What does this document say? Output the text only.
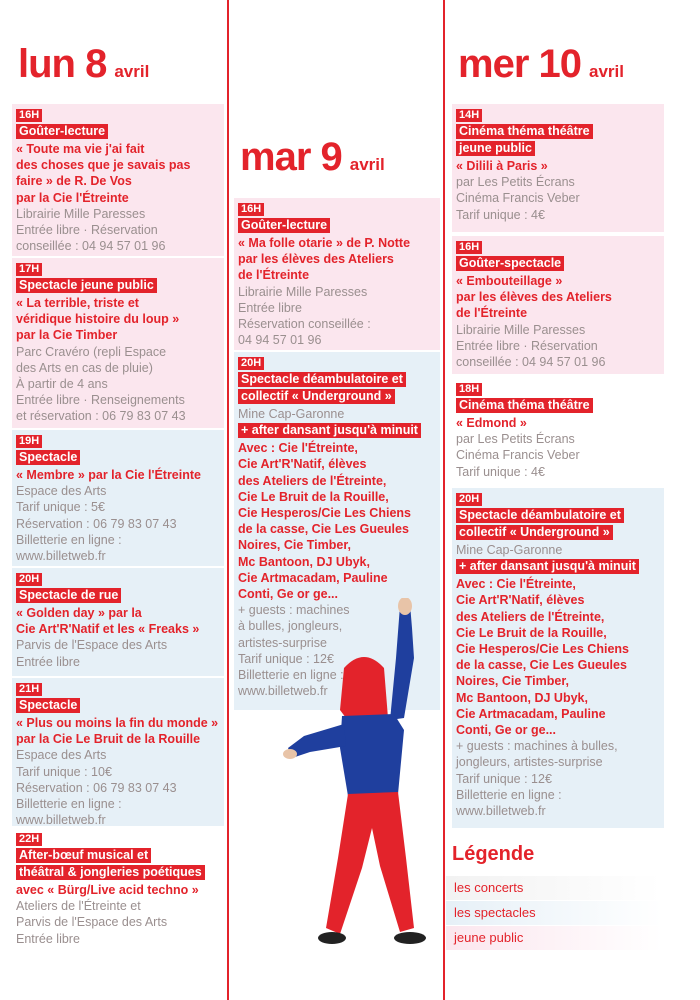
lun 8 avril
mar 9 avril
mer 10 avril
16H
Goûter-lecture
« Toute ma vie j'ai fait
des choses que je savais pas
faire » de R. De Vos
par la Cie l'Étreinte
Librairie Mille Paresses
Entrée libre · Réservation
conseillée : 04 94 57 01 96
17H
Spectacle jeune public
« La terrible, triste et
véridique histoire du loup »
par la Cie Timber
Parc Cravéro (repli Espace
des Arts en cas de pluie)
À partir de 4 ans
Entrée libre · Renseignements
et réservation : 06 79 83 07 43
19H
Spectacle
« Membre » par la Cie l'Étreinte
Espace des Arts
Tarif unique : 5€
Réservation : 06 79 83 07 43
Billetterie en ligne :
www.billetweb.fr
20H
Spectacle de rue
« Golden day » par la
Cie Art'R'Natif et les « Freaks »
Parvis de l'Espace des Arts
Entrée libre
21H
Spectacle
« Plus ou moins la fin du monde »
par la Cie Le Bruit de la Rouille
Espace des Arts
Tarif unique : 10€
Réservation : 06 79 83 07 43
Billetterie en ligne :
www.billetweb.fr
22H
After-bœuf musical et
théâtral & jongleries poétiques
avec « Bürg/Live acid techno »
Ateliers de l'Étreinte et
Parvis de l'Espace des Arts
Entrée libre
16H
Goûter-lecture
« Ma folle otarie » de P. Notte
par les élèves des Ateliers
de l'Étreinte
Librairie Mille Paresses
Entrée libre
Réservation conseillée :
04 94 57 01 96
20H
Spectacle déambulatoire et
collectif « Underground »
Mine Cap-Garonne
+ after dansant jusqu'à minuit
Avec : Cie l'Étreinte,
Cie Art'R'Natif, élèves
des Ateliers de l'Étreinte,
Cie Le Bruit de la Rouille,
Cie Hesperos/Cie Les Chiens
de la casse, Cie Les Gueules
Noires, Cie Timber,
Mc Bantoon, DJ Ubyk,
Cie Artmacadam, Pauline
Conti, Ge or ge...
+ guests : machines
à bulles, jongleurs,
artistes-surprise
Tarif unique : 12€
Billetterie en ligne :
www.billetweb.fr
14H
Cinéma théma théâtre
jeune public
« Dilili à Paris »
par Les Petits Écrans
Cinéma Francis Veber
Tarif unique : 4€
16H
Goûter-spectacle
« Embouteillage »
par les élèves des Ateliers
de l'Étreinte
Librairie Mille Paresses
Entrée libre · Réservation
conseillée : 04 94 57 01 96
18H
Cinéma théma théâtre
« Edmond »
par Les Petits Écrans
Cinéma Francis Veber
Tarif unique : 4€
20H
Spectacle déambulatoire et
collectif « Underground »
Mine Cap-Garonne
+ after dansant jusqu'à minuit
Avec : Cie l'Étreinte,
Cie Art'R'Natif, élèves
des Ateliers de l'Étreinte,
Cie Le Bruit de la Rouille,
Cie Hesperos/Cie Les Chiens
de la casse, Cie Les Gueules
Noires, Cie Timber,
Mc Bantoon, DJ Ubyk,
Cie Artmacadam, Pauline
Conti, Ge or ge...
+ guests : machines à bulles,
jongleurs, artistes-surprise
Tarif unique : 12€
Billetterie en ligne :
www.billetweb.fr
Légende
les concerts
les spectacles
jeune public
